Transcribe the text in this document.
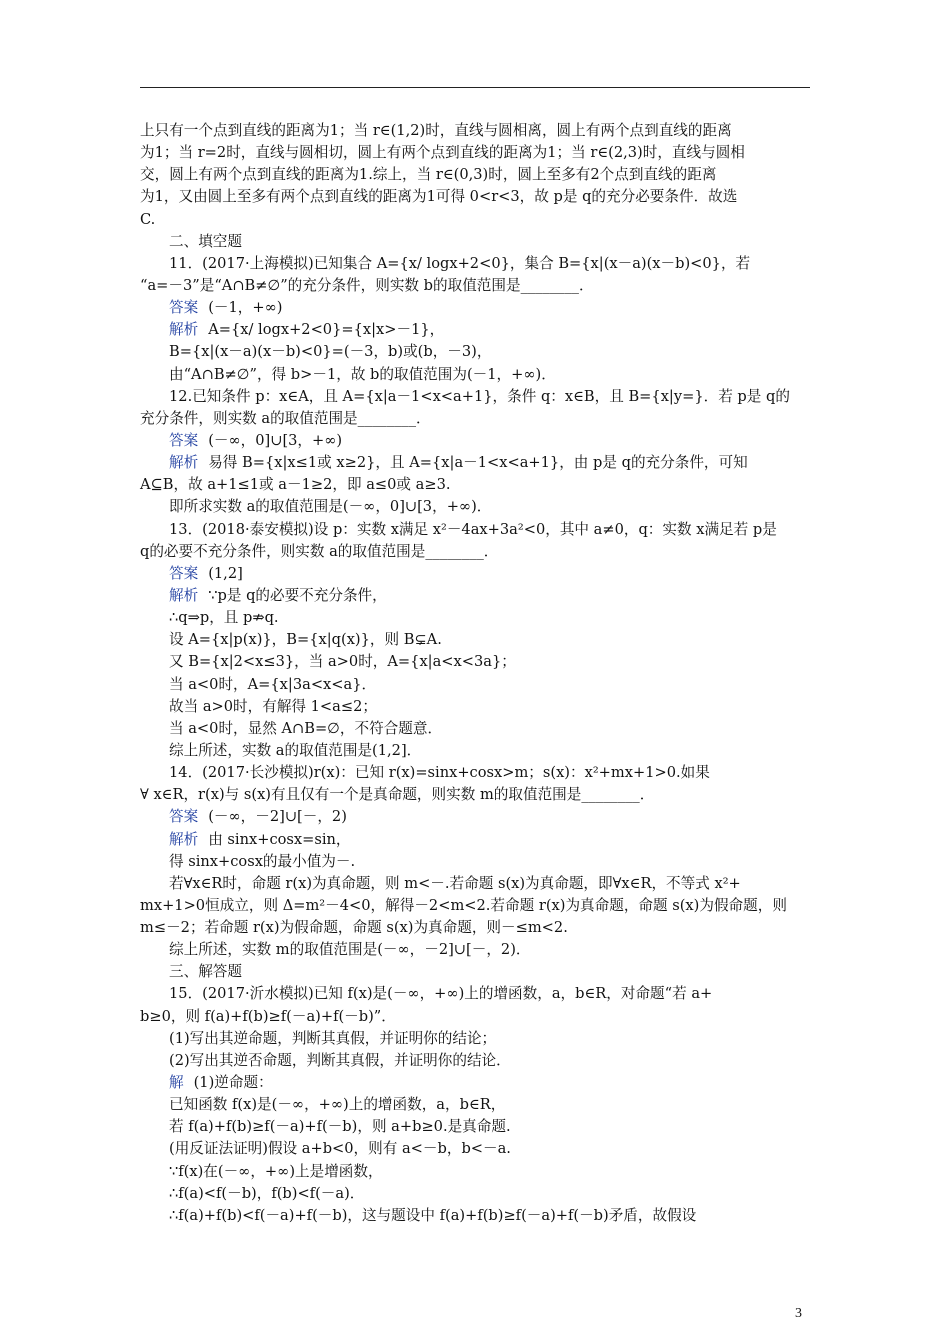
上只有一个点到直线的距离为1；当 r∈(1,2)时，直线与圆相离，圆上有两个点到直线的距离
为1；当 r=2时，直线与圆相切，圆上有两个点到直线的距离为1；当 r∈(2,3)时，直线与圆相
交，圆上有两个点到直线的距离为1.综上，当 r∈(0,3)时，圆上至多有2个点到直线的距离
为1，又由圆上至多有两个点到直线的距离为1可得 0<r<3，故 p是 q的充分必要条件．故选
C.
二、填空题
11．(2017·上海模拟)已知集合 A={x/ logx+2<0}，集合 B={x|(x－a)(x－b)<0}，若
“a=－3”是“A∩B≠∅”的充分条件，则实数 b的取值范围是________．
答案 (－1，+∞)
解析 A={x/ logx+2<0}={x|x>－1}，
B={x|(x－a)(x－b)<0}=(－3，b)或(b，－3)，
由“A∩B≠∅”，得 b>－1，故 b的取值范围为(－1，+∞)．
12.已知条件 p：x∈A，且 A={x|a－1<x<a+1}，条件 q：x∈B，且 B={x|y=}．若 p是 q的
充分条件，则实数 a的取值范围是________．
答案 (－∞，0]∪[3，+∞)
解析 易得 B={x|x≤1或 x≥2}，且 A={x|a－1<x<a+1}，由 p是 q的充分条件，可知
A⊆B，故 a+1≤1或 a－1≥2，即 a≤0或 a≥3.
即所求实数 a的取值范围是(－∞，0]∪[3，+∞)．
13．(2018·泰安模拟)设 p：实数 x满足 x²－4ax+3a²<0，其中 a≠0，q：实数 x满足若 p是
q的必要不充分条件，则实数 a的取值范围是________．
答案 (1,2]
解析 ∵p是 q的必要不充分条件，
∴q⇒p，且 p⇏q.
设 A={x|p(x)}，B={x|q(x)}，则 B⊊A.
又 B={x|2<x≤3}，当 a>0时，A={x|a<x<3a}；
当 a<0时，A={x|3a<x<a}．
故当 a>0时，有解得 1<a≤2；
当 a<0时，显然 A∩B=∅，不符合题意．
综上所述，实数 a的取值范围是(1,2]．
14．(2017·长沙模拟)r(x)：已知 r(x)=sinx+cosx>m；s(x)：x²+mx+1>0.如果
∀ x∈R，r(x)与 s(x)有且仅有一个是真命题，则实数 m的取值范围是________．
答案 (－∞，－2]∪[－，2)
解析 由 sinx+cosx=sin，
得 sinx+cosx的最小值为－.
若∀x∈R时，命题 r(x)为真命题，则 m<－.若命题 s(x)为真命题，即∀x∈R，不等式 x²+
mx+1>0恒成立，则 Δ=m²－4<0，解得－2<m<2.若命题 r(x)为真命题，命题 s(x)为假命题，则
m≤－2；若命题 r(x)为假命题，命题 s(x)为真命题，则－≤m<2.
综上所述，实数 m的取值范围是(－∞，－2]∪[－，2)．
三、解答题
15．(2017·沂水模拟)已知 f(x)是(－∞，+∞)上的增函数，a，b∈R，对命题“若 a+
b≥0，则 f(a)+f(b)≥f(－a)+f(－b)”．
(1)写出其逆命题，判断其真假，并证明你的结论；
(2)写出其逆否命题，判断其真假，并证明你的结论．
解 (1)逆命题：
已知函数 f(x)是(－∞，+∞)上的增函数，a，b∈R，
若 f(a)+f(b)≥f(－a)+f(－b)，则 a+b≥0.是真命题.
(用反证法证明)假设 a+b<0，则有 a<－b，b<－a.
∵f(x)在(－∞，+∞)上是增函数，
∴f(a)<f(－b)，f(b)<f(－a)．
∴f(a)+f(b)<f(－a)+f(－b)，这与题设中 f(a)+f(b)≥f(－a)+f(－b)矛盾，故假设
3
